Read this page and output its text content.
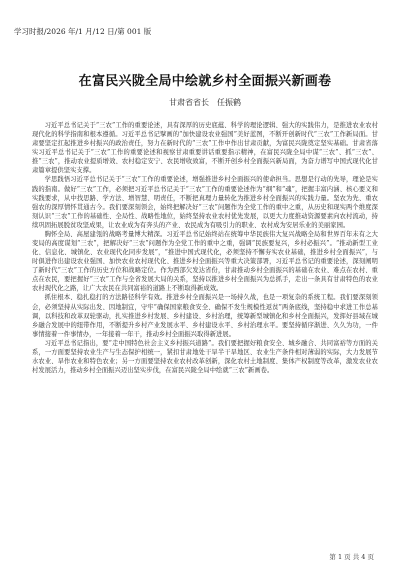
学习时报/2026 年/1 月/12 日/第 001 版
在富民兴陇全局中绘就乡村全面振兴新画卷
甘肃省省长　任振鹤

习近平总书记关于“三农”工作的重要论述，具有深厚的历史底蕴、科学的理论逻辑、强大的实践伟力，是推进农业农村现代化的科学指南和根本遵循。习近平总书记擘画的“加快建设农业强国”美好蓝图，不断开创新时代“三农”工作新局面。甘肃要坚定扛起推进乡村振兴的政治责任，努力在新时代的“三农”工作中作出甘肃贡献，为富民兴陇奠定坚实基础。甘肃省落实习近平总书记关于“三农”工作的重要论述和视察甘肃重要讲话重要指示精神，在富民兴陇全局中谋“三农”、抓“三农”、推“三农”，推动农业提质增效、农村稳定安宁、农民增收致富，不断开创乡村全面振兴新局面，为奋力谱写中国式现代化甘肃篇章提供坚实支撑。

学思践悟习近平总书记关于“三农”工作的重要论述，增强推进乡村全面振兴的使命担当。思想是行动的先导，理论是实践的指南。做好“三农”工作，必须把习近平总书记关于“三农”工作的重要论述作为“纲”和“魂”，把握丰富内涵、核心要义和实践要求，从中找思路、学方法、增智慧、明责任，不断把真理力量转化为推进乡村全面振兴的实践力量。坚农为先、重农强农的深厚情怀贯通古今。我们要深刻领会，始终把解决好“三农”问题作为全党工作的重中之重，从历史和现实两个维度深刻认识“三农”工作的基础性、全局性、战略性地位，始终坚持农业农村优先发展，以更大力度推动资源要素向农村流动，持续巩固拓展脱贫攻坚成果，让农业成为有奔头的产业、农民成为有吸引力的职业、农村成为安居乐业的美丽家园。

胸怀全局、高屋建瓴的战略考量博大精深。习近平总书记始终站在统筹中华民族伟大复兴战略全局和世界百年未有之大变局的高度谋划“三农”，把解决好“三农”问题作为全党工作的重中之重，强调“民族要复兴，乡村必振兴”。“推动新型工业化、信息化、城镇化、农业现代化同步发展”，“推进中国式现代化，必须坚持不懈夯实农业基础，推进乡村全面振兴”，与时俱进作出建设农业强国、加快农业农村现代化、推进乡村全面振兴等重大决策部署，习近平总书记的重要论述，深刻阐明了新时代“三农”工作的历史方位和战略定位。作为西部欠发达省份，甘肃推动乡村全面振兴的基础在农业、难点在农村、重点在农民，要把握好“三农”工作与全省发展大局的关系，坚持以推进乡村全面振兴为总抓手，走出一条具有甘肃特色的农业农村现代化之路，让广大农民在共同富裕的道路上不断取得新成效。

抓住根本、稳扎稳打的方法路径科学有效。推进乡村全面振兴是一场持久战，也是一项复杂的系统工程。我们要深刻领会，必须坚持从实际出发、因地制宜，守牢“确保国家粮食安全、确保不发生规模性返贫”两条底线，坚持稳中求进工作总基调，以科技和改革双轮驱动，扎实推进乡村发展、乡村建设、乡村治理，统筹新型城镇化和乡村全面振兴，发挥好县域在城乡融合发展中的纽带作用，不断提升乡村产业发展水平、乡村建设水平、乡村治理水平。要坚持循序渐进、久久为功，一件事情接着一件事情办，一年接着一年干，推动乡村全面振兴取得新进展。

习近平总书记指出，要“走中国特色社会主义乡村振兴道路”。我们要把握好粮食安全、城乡融合、共同富裕等方面的关系，一方面要坚持农业生产与生态保护相统一，紧扣甘肃地处干旱半干旱地区、农业生产条件相对薄弱的实际，大力发展节水农业、旱作农业和特色农业；另一方面要坚持农业农村改革创新，深化农村土地制度、集体产权制度等改革，激发农业农村发展活力，推动乡村全面振兴迈出坚实步伐，在富民兴陇全局中绘就“三农”新画卷。

第 1 页 共 4 页
